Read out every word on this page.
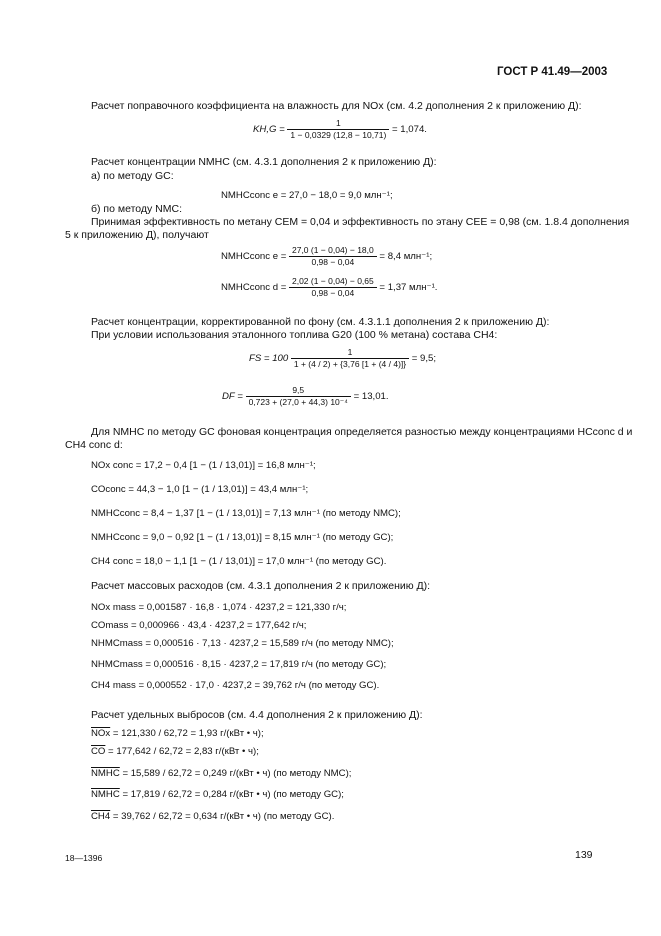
ГОСТ Р 41.49—2003
Расчет поправочного коэффициента на влажность для NOx (см. 4.2 дополнения 2 к приложению Д):
$KH,G = \frac{1}{1 - 0,0329 (12,8 - 10,71)} = 1,074$.
Расчет концентрации NMHC (см. 4.3.1 дополнения 2 к приложению Д):
а) по методу GC:
NMHCconc e = 27,0 − 18,0 = 9,0 млн⁻¹;
б) по методу NMC:
Принимая эффективность по метану CEM = 0,04 и эффективность по этану CEE = 0,98 (см. 1.8.4 дополнения
5 к приложению Д), получают
NMHCconc $e = \frac{27,0 (1 - 0,04) - 18,0}{0,98 - 0,04} = 8,4$ млн⁻¹;
NMHCconc $d = \frac{2,02 (1 - 0,04) - 0,65}{0,98 - 0,04} = 1,37$ млн⁻¹.
Расчет концентрации, корректированной по фону (см. 4.3.1.1 дополнения 2 к приложению Д):
При условии использования эталонного топлива G20 (100 % метана) состава CH4:
FS = $100 \frac{1}{1 + (4 / 2) + \{3,76 [1 + (4 / 4)]\}} = 9,5$;
DF = $\frac{9,5}{\text{0,723 + (27,0 + 44,3) 10⁻⁴}} = 13,01$.
Для NMHC по методу GC фоновая концентрация определяется разностью между концентрациями HCconc d и
CH4 conc d:
NOx conc = 17,2 − 0,4 [1 − (1 / 13,01)] = 16,8 млн⁻¹;
COconc = 44,3 − 1,0 [1 − (1 / 13,01)] = 43,4 млн⁻¹;
NMHCconc = 8,4 − 1,37 [1 − (1 / 13,01)] = 7,13 млн⁻¹ (по методу NMC);
NMHCconc = 9,0 − 0,92 [1 − (1 / 13,01)] = 8,15 млн⁻¹ (по методу GC);
CH4 conc = 18,0 − 1,1 [1 − (1 / 13,01)] = 17,0 млн⁻¹ (по методу GC).
Расчет массовых расходов (см. 4.3.1 дополнения 2 к приложению Д):
NOx mass = 0,001587 · 16,8 · 1,074 · 4237,2 = 121,330 г/ч;
COmass = 0,000966 · 43,4 · 4237,2 = 177,642 г/ч;
NHMCmass = 0,000516 · 7,13 · 4237,2 = 15,589 г/ч (по методу NMC);
NHMCmass = 0,000516 · 8,15 · 4237,2 = 17,819 г/ч (по методу GC);
CH4 mass = 0,000552 · 17,0 · 4237,2 = 39,762 г/ч (по методу GC).
Расчет удельных выбросов (см. 4.4 дополнения 2 к приложению Д):
$\overline{NOx} = 121,330 / 62,72 = 1,93$ г/(кВт • ч);
$\overline{CO} = 177,642 / 62,72 = 2,83$ г/(кВт • ч);
NMHC = 15,589 / 62,72 = 0,249 г/(кВт • ч) (по методу NMC);
NMHC = 17,819 / 62,72 = 0,284 г/(кВт • ч) (по методу GC);
CH4 = 39,762 / 62,72 = 0,634 г/(кВт • ч) (по методу GC).
18—1396	139
